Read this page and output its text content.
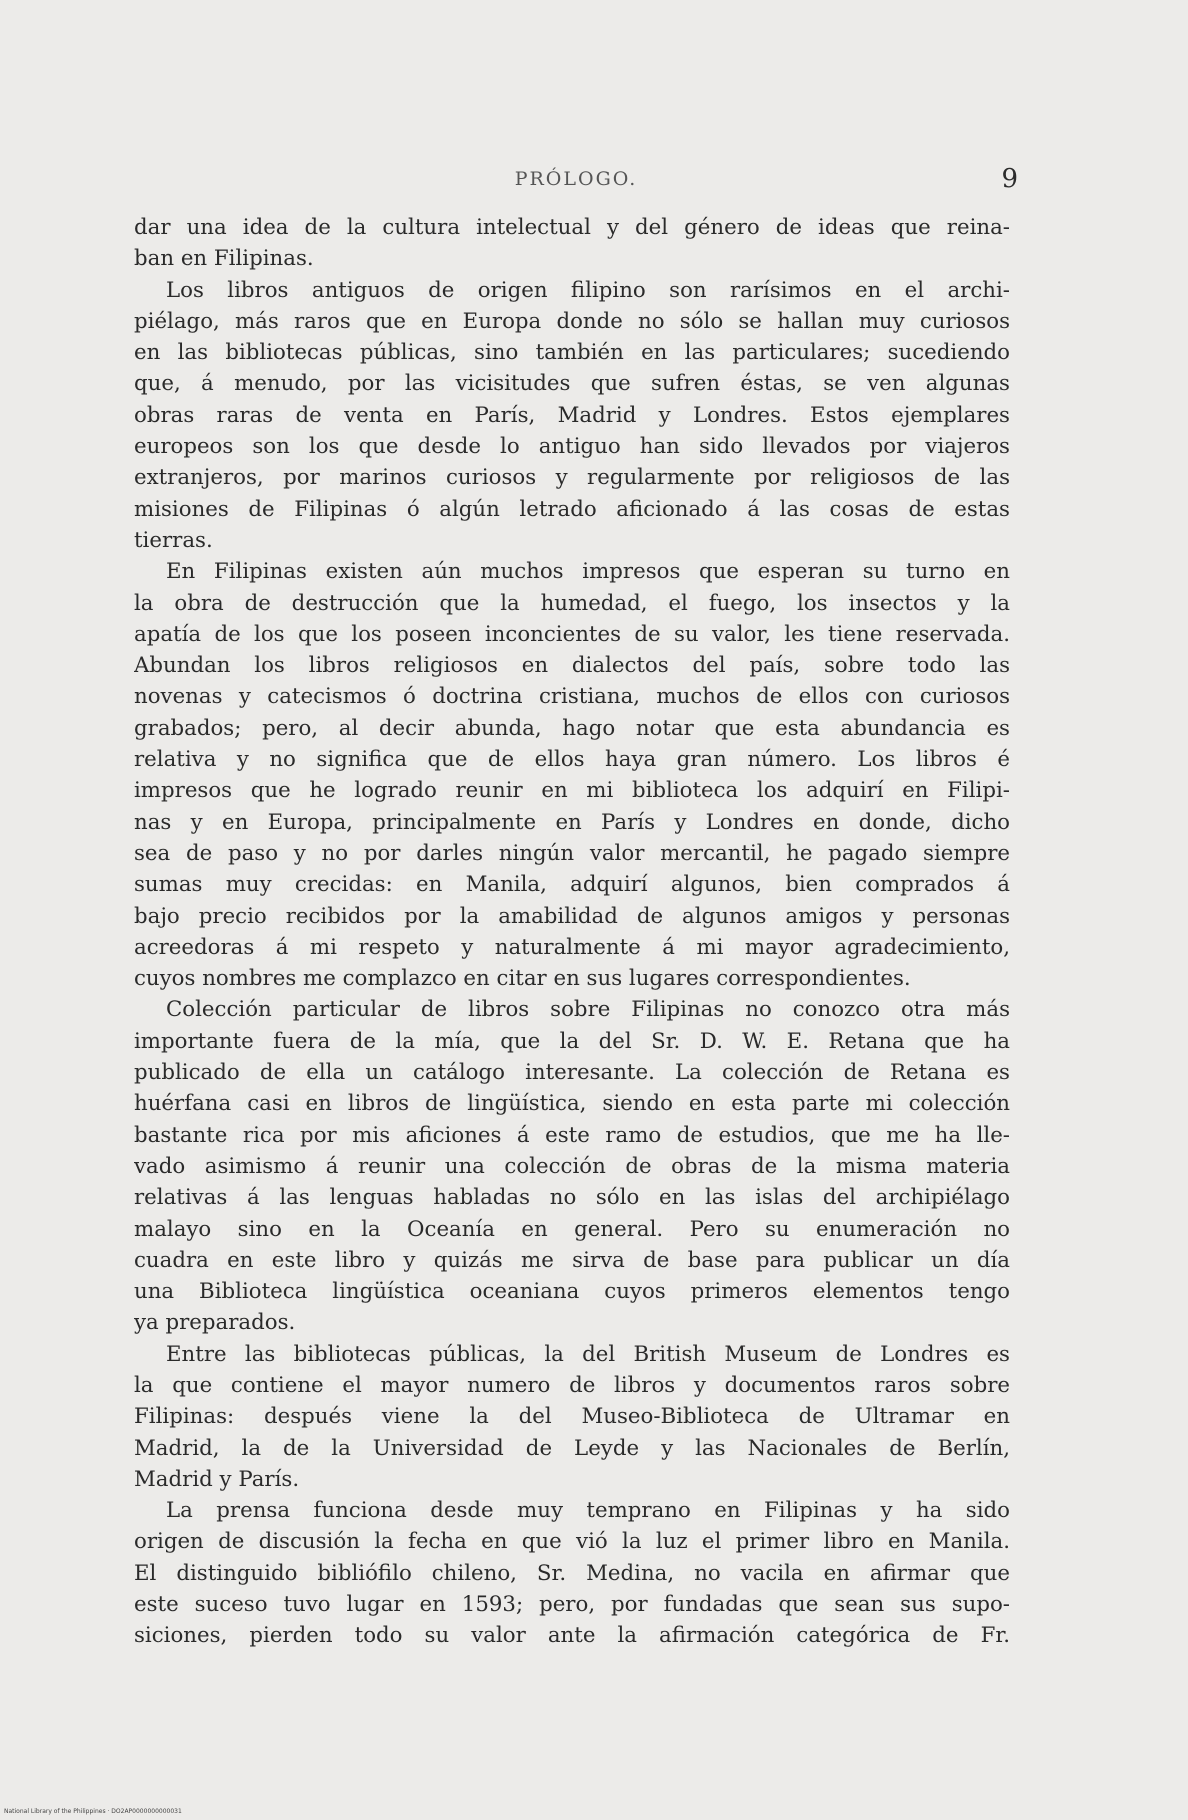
PRÓLOGO.	9
dar una idea de la cultura intelectual y del género de ideas que reina-
ban en Filipinas.
Los libros antiguos de origen filipino son rarísimos en el archi-
piélago, más raros que en Europa donde no sólo se hallan muy curiosos
en las bibliotecas públicas, sino también en las particulares; sucediendo
que, á menudo, por las vicisitudes que sufren éstas, se ven algunas
obras raras de venta en París, Madrid y Londres. Estos ejemplares
europeos son los que desde lo antiguo han sido llevados por viajeros
extranjeros, por marinos curiosos y regularmente por religiosos de las
misiones de Filipinas ó algún letrado aficionado á las cosas de estas
tierras.
En Filipinas existen aún muchos impresos que esperan su turno en
la obra de destrucción que la humedad, el fuego, los insectos y la
apatía de los que los poseen inconcientes de su valor, les tiene reservada.
Abundan los libros religiosos en dialectos del país, sobre todo las
novenas y catecismos ó doctrina cristiana, muchos de ellos con curiosos
grabados; pero, al decir abunda, hago notar que esta abundancia es
relativa y no significa que de ellos haya gran número. Los libros é
impresos que he logrado reunir en mi biblioteca los adquirí en Filipi-
nas y en Europa, principalmente en París y Londres en donde, dicho
sea de paso y no por darles ningún valor mercantil, he pagado siempre
sumas muy crecidas: en Manila, adquirí algunos, bien comprados á
bajo precio recibidos por la amabilidad de algunos amigos y personas
acreedoras á mi respeto y naturalmente á mi mayor agradecimiento,
cuyos nombres me complazco en citar en sus lugares correspondientes.
Colección particular de libros sobre Filipinas no conozco otra más
importante fuera de la mía, que la del Sr. D. W. E. Retana que ha
publicado de ella un catálogo interesante. La colección de Retana es
huérfana casi en libros de lingüística, siendo en esta parte mi colección
bastante rica por mis aficiones á este ramo de estudios, que me ha lle-
vado asimismo á reunir una colección de obras de la misma materia
relativas á las lenguas habladas no sólo en las islas del archipiélago
malayo sino en la Oceanía en general. Pero su enumeración no
cuadra en este libro y quizás me sirva de base para publicar un día
una Biblioteca lingüística oceaniana cuyos primeros elementos tengo
ya preparados.
Entre las bibliotecas públicas, la del British Museum de Londres es
la que contiene el mayor numero de libros y documentos raros sobre
Filipinas: después viene la del Museo-Biblioteca de Ultramar en
Madrid, la de la Universidad de Leyde y las Nacionales de Berlín,
Madrid y París.
La prensa funciona desde muy temprano en Filipinas y ha sido
origen de discusión la fecha en que vió la luz el primer libro en Manila.
El distinguido bibliófilo chileno, Sr. Medina, no vacila en afirmar que
este suceso tuvo lugar en 1593; pero, por fundadas que sean sus supo-
siciones, pierden todo su valor ante la afirmación categórica de Fr.
National Library of the Philippines · DO2AP0000000000031
